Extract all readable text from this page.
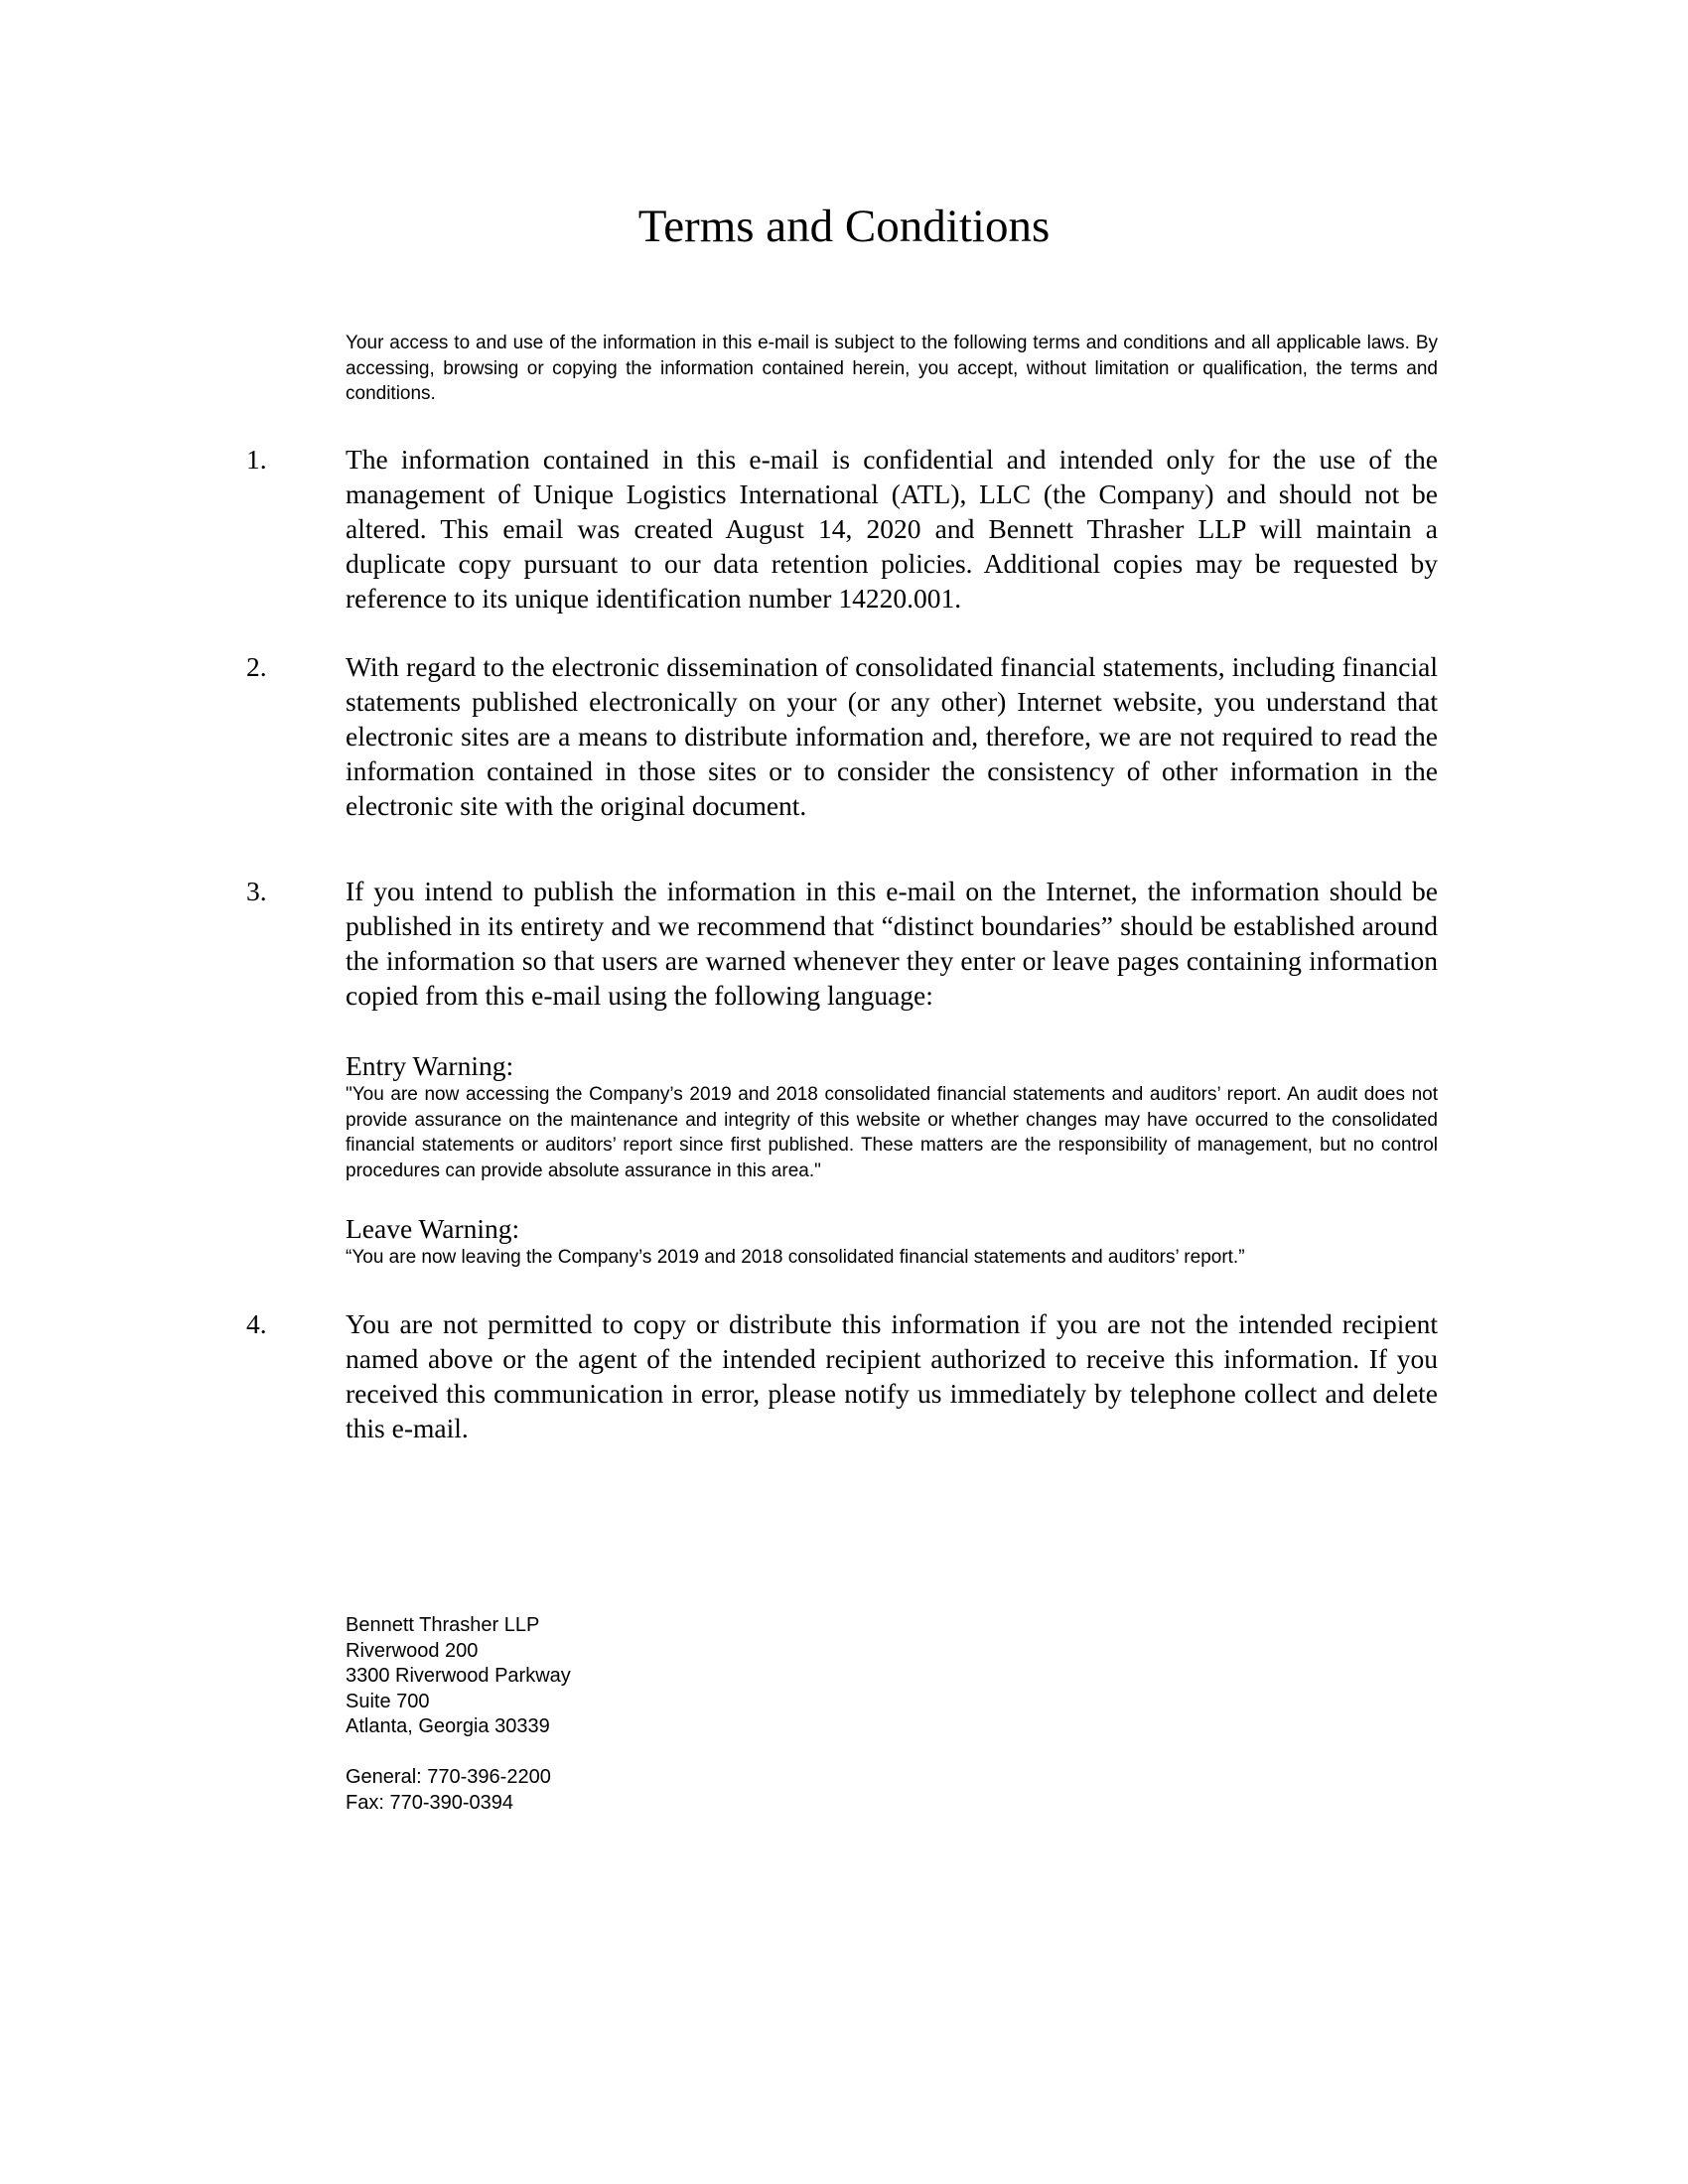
Terms and Conditions

Your access to and use of the information in this e-mail is subject to the following terms and conditions and all applicable laws. By accessing, browsing or copying the information contained herein, you accept, without limitation or qualification, the terms and conditions.

1.	The information contained in this e-mail is confidential and intended only for the use of the management of Unique Logistics International (ATL), LLC (the Company) and should not be altered. This email was created August 14, 2020 and Bennett Thrasher LLP will maintain a duplicate copy pursuant to our data retention policies. Additional copies may be requested by reference to its unique identification number 14220.001.

2.	With regard to the electronic dissemination of consolidated financial statements, including financial statements published electronically on your (or any other) Internet website, you understand that electronic sites are a means to distribute information and, therefore, we are not required to read the information contained in those sites or to consider the consistency of other information in the electronic site with the original document.

3.	If you intend to publish the information in this e-mail on the Internet, the information should be published in its entirety and we recommend that “distinct boundaries” should be established around the information so that users are warned whenever they enter or leave pages containing information copied from this e-mail using the following language:

Entry Warning:

"You are now accessing the Company’s 2019 and 2018 consolidated financial statements and auditors’ report. An audit does not provide assurance on the maintenance and integrity of this website or whether changes may have occurred to the consolidated financial statements or auditors’ report since first published. These matters are the responsibility of management, but no control procedures can provide absolute assurance in this area."

Leave Warning:

“You are now leaving the Company’s 2019 and 2018 consolidated financial statements and auditors’ report.”

4.	You are not permitted to copy or distribute this information if you are not the intended recipient named above or the agent of the intended recipient authorized to receive this information. If you received this communication in error, please notify us immediately by telephone collect and delete this e-mail.

Bennett Thrasher LLP
Riverwood 200
3300 Riverwood Parkway
Suite 700
Atlanta, Georgia 30339
General: 770-396-2200
Fax: 770-390-0394
